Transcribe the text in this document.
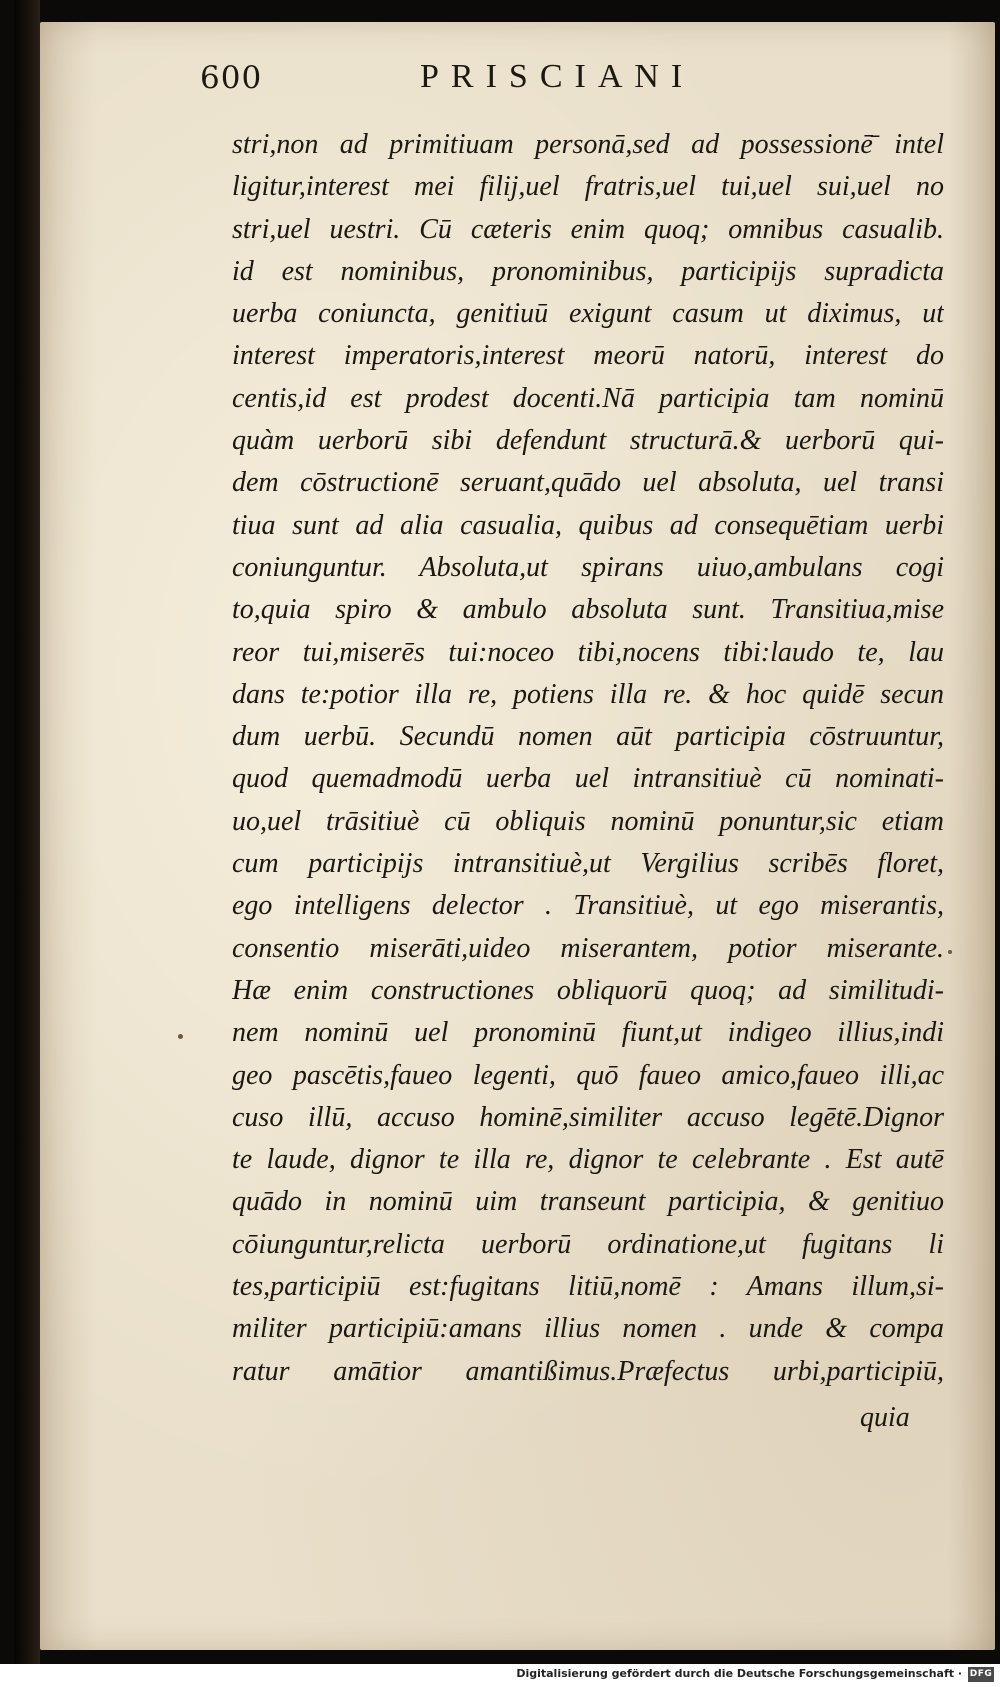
600	PRISCIANI
stri,non ad primitiuam personā,sed ad possessionē̄ intel
ligitur,interest mei filij,uel fratris,uel tui,uel sui,uel no
stri,uel uestri. Cū cæteris enim quoq; omnibus casualib.
id est nominibus, pronominibus, participijs supradicta
uerba coniuncta, genitiuū exigunt casum ut diximus, ut
interest imperatoris,interest meorū natorū, interest do
centis,id est prodest docenti.Nā participia tam nominū
quàm uerborū sibi defendunt structurā.& uerborū qui-
dem cōstructionē seruant,quādo uel absoluta, uel transi
tiua sunt ad alia casualia, quibus ad consequētiam uerbi
coniunguntur. Absoluta,ut spirans uiuo,ambulans cogi
to,quia spiro & ambulo absoluta sunt. Transitiua,mise
reor tui,miserēs tui:noceo tibi,nocens tibi:laudo te, lau
dans te:potior illa re, potiens illa re. & hoc quidē secun
dum uerbū. Secundū nomen aūt participia cōstruuntur,
quod quemadmodū uerba uel intransitiuè cū nominati-
uo,uel trāsitiuè cū obliquis nominū ponuntur,sic etiam
cum participijs intransitiuè,ut Vergilius scribēs floret,
ego intelligens delector . Transitiuè, ut ego miserantis,
consentio miserāti,uideo miserantem, potior miserante.
Hæ enim constructiones obliquorū quoq; ad similitudi-
nem nominū uel pronominū fiunt,ut indigeo illius,indi
geo pascētis,faueo legenti, quō faueo amico,faueo illi,ac
cuso illū, accuso hominē,similiter accuso legētē.Dignor
te laude, dignor te illa re, dignor te celebrante . Est autē
quādo in nominū uim transeunt participia, & genitiuo
cōiunguntur,relicta uerborū ordinatione,ut fugitans li
tes,participiū est:fugitans litiū,nomē : Amans illum,si-
militer participiū:amans illius nomen . unde & compa
ratur amātior amantißimus.Præfectus urbi,participiū,
quia
Digitalisierung gefördert durch die Deutsche Forschungsgemeinschaft · DFG
